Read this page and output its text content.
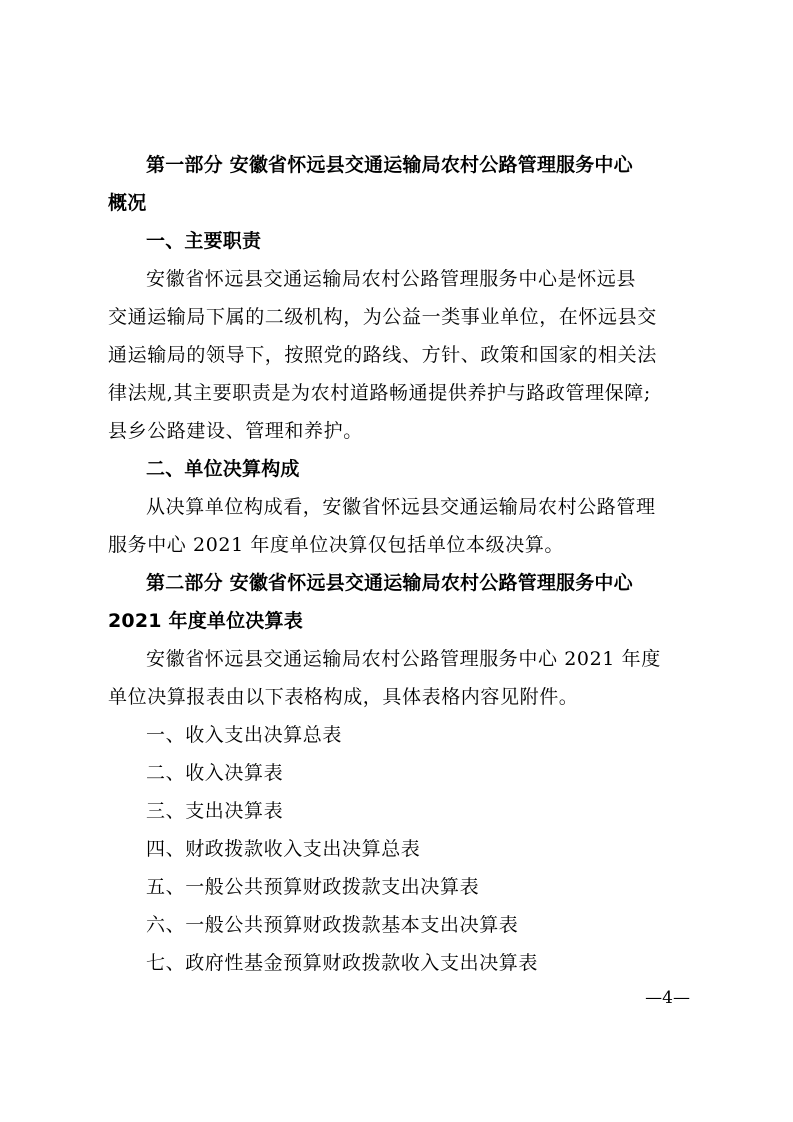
第一部分 安徽省怀远县交通运输局农村公路管理服务中心
概况
一、主要职责
安徽省怀远县交通运输局农村公路管理服务中心是怀远县
交通运输局下属的二级机构，为公益一类事业单位，在怀远县交
通运输局的领导下，按照党的路线、方针、政策和国家的相关法
律法规,其主要职责是为农村道路畅通提供养护与路政管理保障;
县乡公路建设、管理和养护。
二、单位决算构成
从决算单位构成看，安徽省怀远县交通运输局农村公路管理
服务中心 2021 年度单位决算仅包括单位本级决算。
第二部分 安徽省怀远县交通运输局农村公路管理服务中心
2021 年度单位决算表
安徽省怀远县交通运输局农村公路管理服务中心 2021 年度
单位决算报表由以下表格构成，具体表格内容见附件。
一、收入支出决算总表
二、收入决算表
三、支出决算表
四、财政拨款收入支出决算总表
五、一般公共预算财政拨款支出决算表
六、一般公共预算财政拨款基本支出决算表
七、政府性基金预算财政拨款收入支出决算表
—4—
